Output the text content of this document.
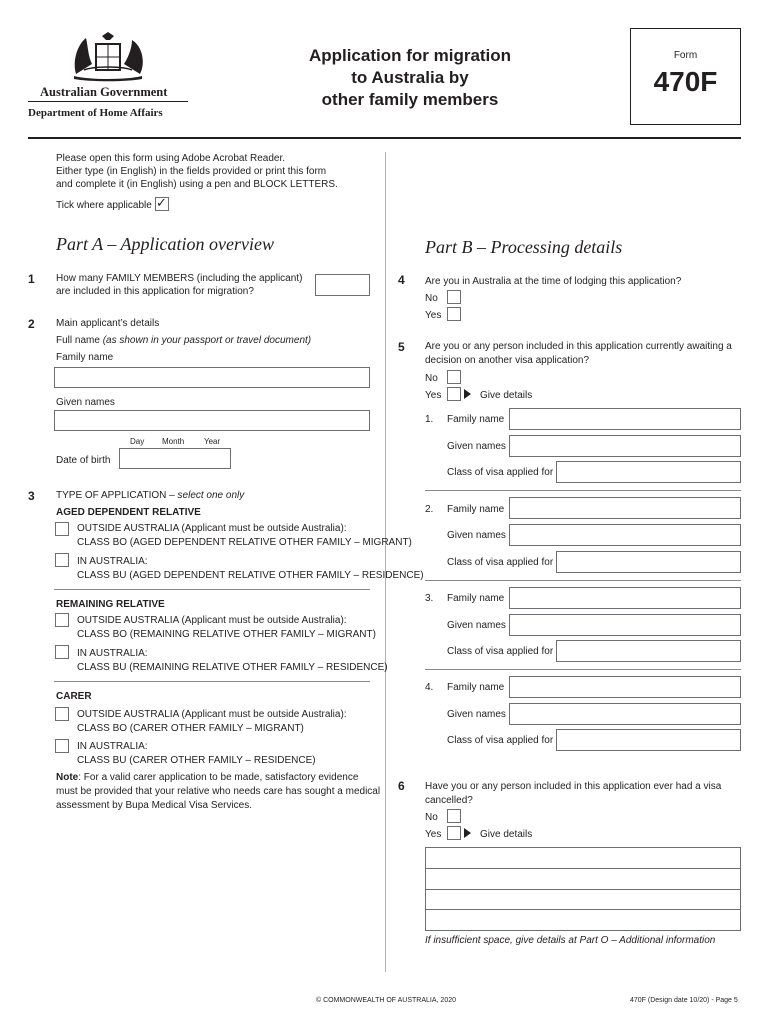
Australian Government
Department of Home Affairs
Application for migration
to Australia by
other family members
Form
470F
Please open this form using Adobe Acrobat Reader.
Either type (in English) in the fields provided or print this form
and complete it (in English) using a pen and BLOCK LETTERS.
Tick where applicable ✓
Part A – Application overview
1 How many FAMILY MEMBERS (including the applicant)
are included in this application for migration?
2 Main applicant’s details
Full name (as shown in your passport or travel document)
Family name
Given names
Day Month Year
Date of birth
3 TYPE OF APPLICATION – select one only
AGED DEPENDENT RELATIVE
OUTSIDE AUSTRALIA (Applicant must be outside Australia):
CLASS BO (AGED DEPENDENT RELATIVE OTHER FAMILY – MIGRANT)
IN AUSTRALIA:
CLASS BU (AGED DEPENDENT RELATIVE OTHER FAMILY – RESIDENCE)
REMAINING RELATIVE
OUTSIDE AUSTRALIA (Applicant must be outside Australia):
CLASS BO (REMAINING RELATIVE OTHER FAMILY – MIGRANT)
IN AUSTRALIA:
CLASS BU (REMAINING RELATIVE OTHER FAMILY – RESIDENCE)
CARER
OUTSIDE AUSTRALIA (Applicant must be outside Australia):
CLASS BO (CARER OTHER FAMILY – MIGRANT)
IN AUSTRALIA:
CLASS BU (CARER OTHER FAMILY – RESIDENCE)
Note: For a valid carer application to be made, satisfactory evidence
must be provided that your relative who needs care has sought a medical
assessment by Bupa Medical Visa Services.
Part B – Processing details
4 Are you in Australia at the time of lodging this application?
No
Yes
5 Are you or any person included in this application currently awaiting a
decision on another visa application?
No
Yes	Give details
1. Family name
Given names
Class of visa applied for
2. Family name
Given names
Class of visa applied for
3. Family name
Given names
Class of visa applied for
4. Family name
Given names
Class of visa applied for
6 Have you or any person included in this application ever had a visa
cancelled?
No
Yes	Give details
If insufficient space, give details at Part O – Additional information
© COMMONWEALTH OF AUSTRALIA, 2020	470F (Design date 10/20) - Page 5
